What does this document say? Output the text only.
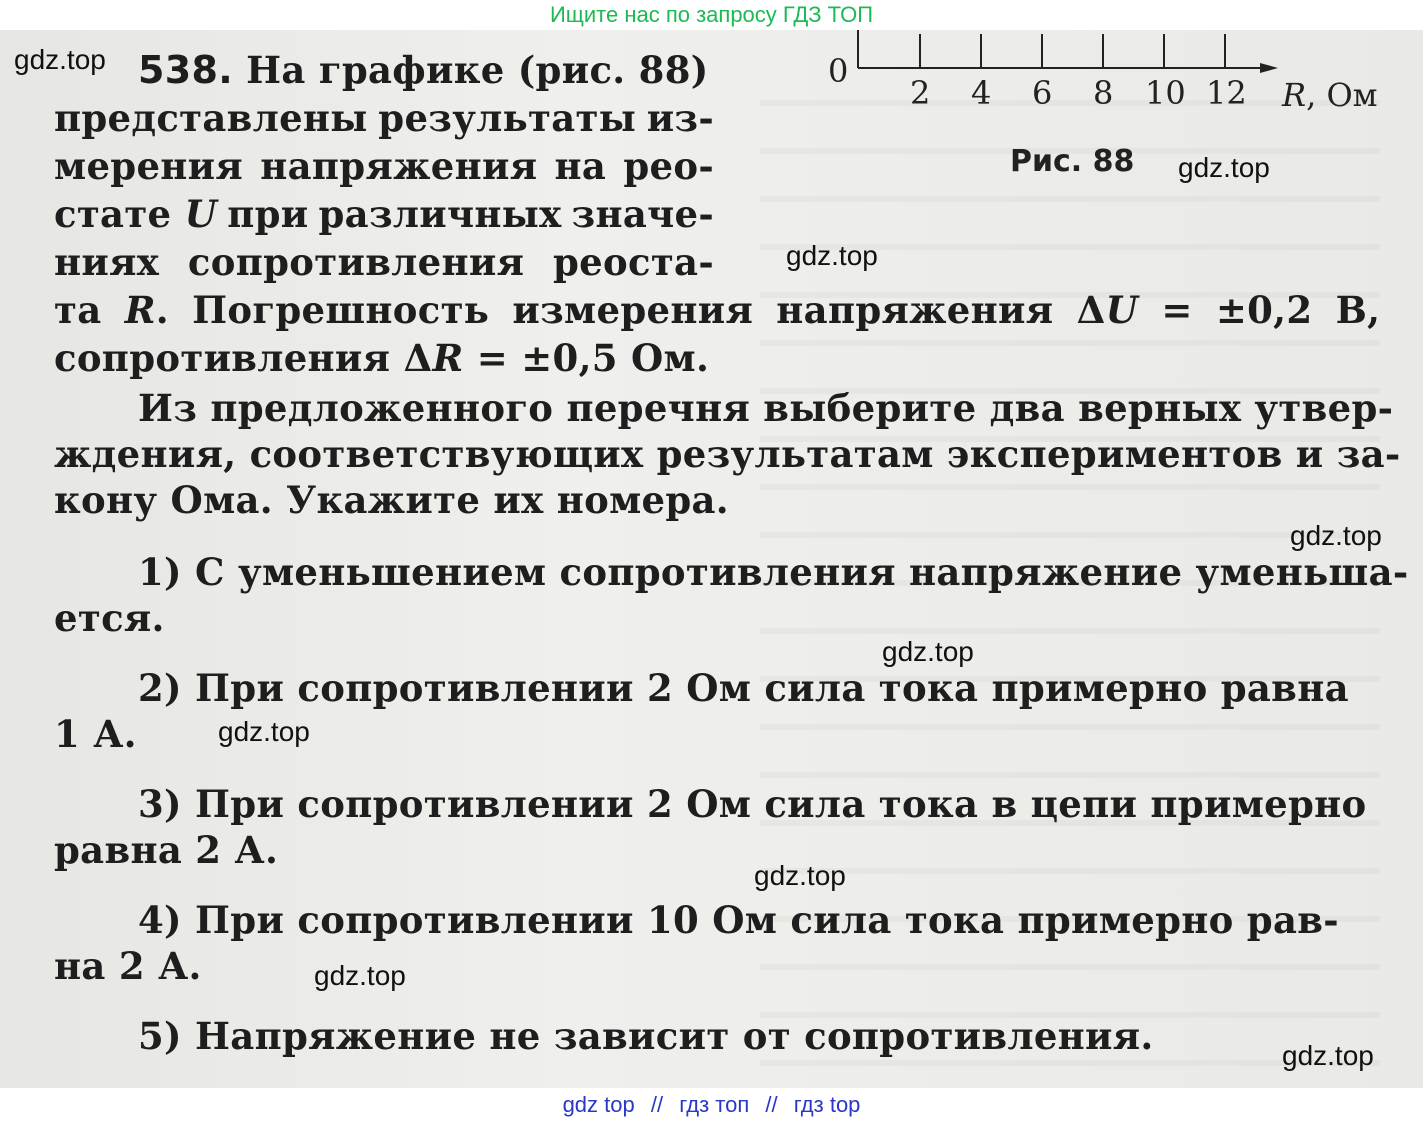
Ищите нас по запросу ГДЗ ТОП
0
2 4 6 8 10 12 R, Ом
Рис. 88
538. На графике (рис. 88)
представлены результаты из-
мерения напряжения на рео-
стате U при различных значе-
ниях сопротивления реоста-
та R. Погрешность измерения напряжения ΔU = ±0,2 В,
сопротивления ΔR = ±0,5 Ом.
Из предложенного перечня выберите два верных утвер-
ждения, соответствующих результатам экспериментов и за-
кону Ома. Укажите их номера.
1) С уменьшением сопротивления напряжение уменьша-
ется.
2) При сопротивлении 2 Ом сила тока примерно равна
1 А.
3) При сопротивлении 2 Ом сила тока в цепи примерно
равна 2 А.
4) При сопротивлении 10 Ом сила тока примерно рав-
на 2 А.
5) Напряжение не зависит от сопротивления.
gdz.top
gdz.top
gdz.top
gdz.top
gdz.top
gdz.top
gdz.top
gdz.top
gdz.top
gdz top // гдз топ // гдз top
